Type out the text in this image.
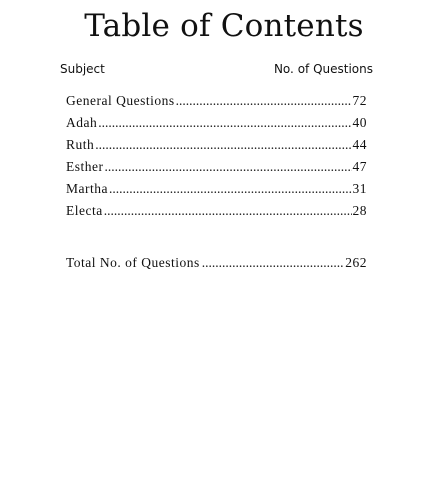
Table of Contents
Subject	No. of Questions
General Questions .....	72
Adah .....	40
Ruth .....	44
Esther .....	47
Martha .....	31
Electa .....	28
Total No. of Questions .....	262
